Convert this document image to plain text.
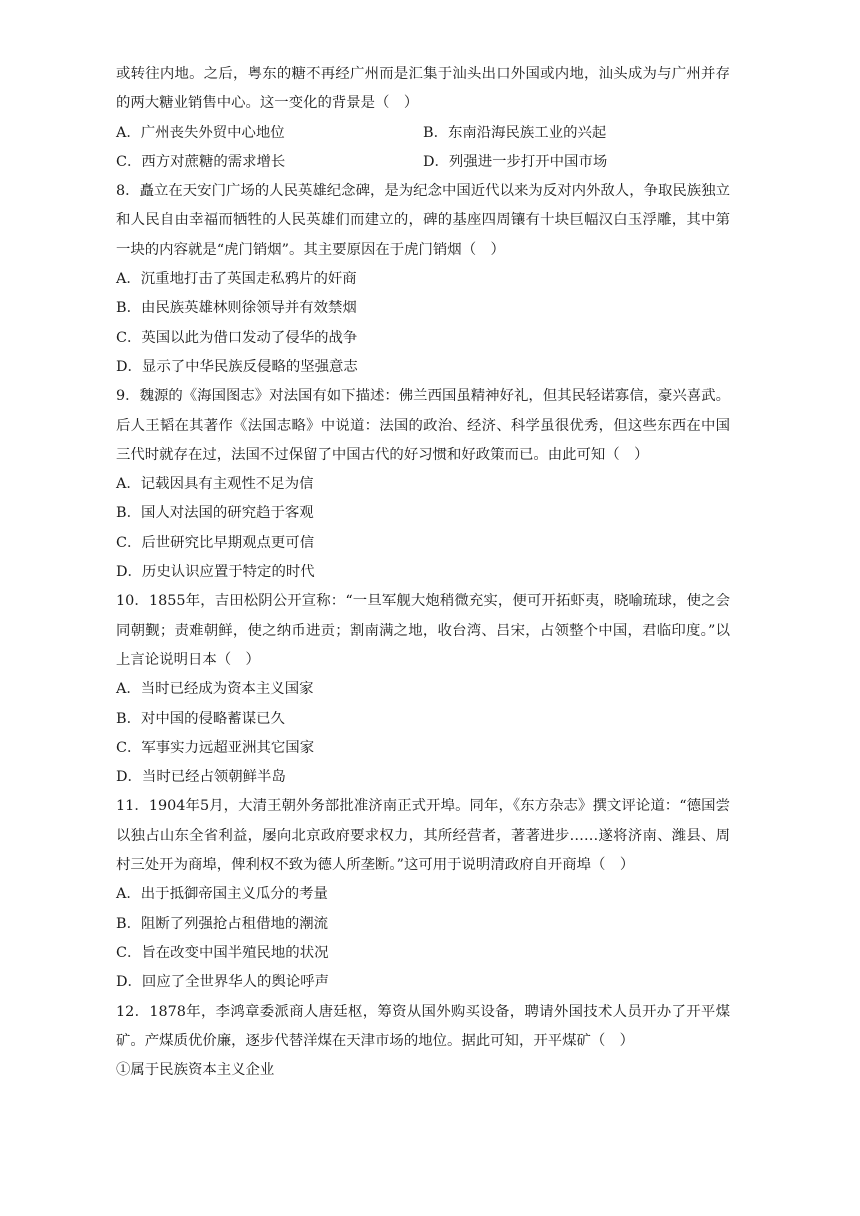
或转往内地。之后，粤东的糖不再经广州而是汇集于汕头出口外国或内地，汕头成为与广州并存的两大糖业销售中心。这一变化的背景是（　）

A．广州丧失外贸中心地位	B．东南沿海民族工业的兴起

C．西方对蔗糖的需求增长	D．列强进一步打开中国市场

8．矗立在天安门广场的人民英雄纪念碑，是为纪念中国近代以来为反对内外敌人，争取民族独立和人民自由幸福而牺牲的人民英雄们而建立的，碑的基座四周镶有十块巨幅汉白玉浮雕，其中第一块的内容就是“虎门销烟”。其主要原因在于虎门销烟（　）

A．沉重地打击了英国走私鸦片的奸商

B．由民族英雄林则徐领导并有效禁烟

C．英国以此为借口发动了侵华的战争

D．显示了中华民族反侵略的坚强意志

9．魏源的《海国图志》对法国有如下描述：佛兰西国虽精神好礼，但其民轻诺寡信，豪兴喜武。后人王韬在其著作《法国志略》中说道：法国的政治、经济、科学虽很优秀，但这些东西在中国三代时就存在过，法国不过保留了中国古代的好习惯和好政策而已。由此可知（　）

A．记载因具有主观性不足为信

B．国人对法国的研究趋于客观

C．后世研究比早期观点更可信

D．历史认识应置于特定的时代

10．1855年，吉田松阴公开宣称：“一旦军舰大炮稍微充实，便可开拓虾夷，晓喻琉球，使之会同朝觐；责难朝鲜，使之纳币进贡；割南满之地，收台湾、吕宋，占领整个中国，君临印度。”以上言论说明日本（　）

A．当时已经成为资本主义国家

B．对中国的侵略蓄谋已久

C．军事实力远超亚洲其它国家

D．当时已经占领朝鲜半岛

11．1904年5月，大清王朝外务部批准济南正式开埠。同年，《东方杂志》撰文评论道：“德国尝以独占山东全省利益，屡向北京政府要求权力，其所经营者，著著进步……遂将济南、潍县、周村三处开为商埠，俾利权不致为德人所垄断。”这可用于说明清政府自开商埠（　）

A．出于抵御帝国主义瓜分的考量

B．阻断了列强抢占租借地的潮流

C．旨在改变中国半殖民地的状况

D．回应了全世界华人的舆论呼声

12．1878年，李鸿章委派商人唐廷枢，筹资从国外购买设备，聘请外国技术人员开办了开平煤矿。产煤质优价廉，逐步代替洋煤在天津市场的地位。据此可知，开平煤矿（　）

①属于民族资本主义企业
